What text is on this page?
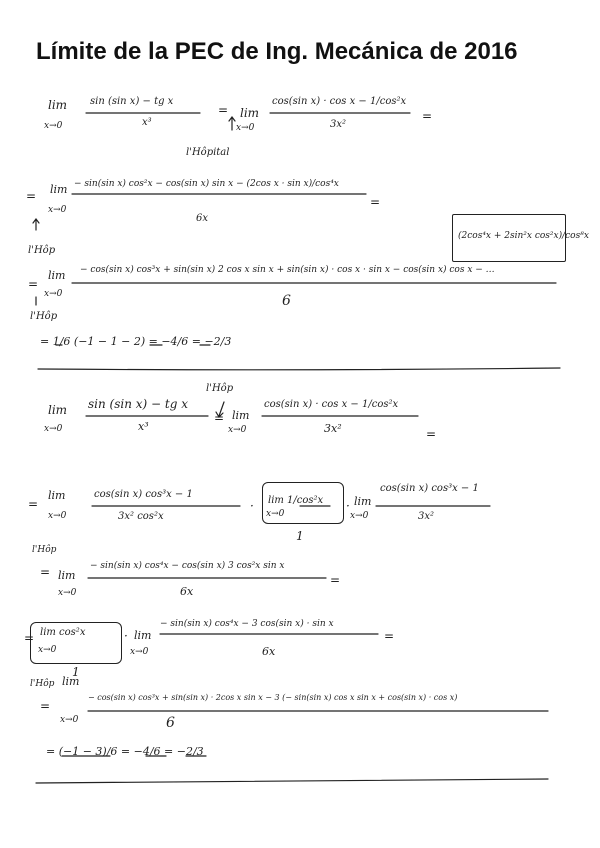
Límite de la PEC de Ing. Mecánica de 2016
lim
x→0
sin (sin x) − tg x
x³
= lim
x→0
cos(sin x) · cos x − 1/cos²x
3x²
=
l'Hôpital
= lim
x→0
− sin(sin x) cos²x − cos(sin x) sin x − (2cos x · sin x)/cos⁴x
6x
=
l'Hôp
(2cos⁴x + 2sin²x cos²x)/cos⁸x
=
lim
x→0
− cos(sin x) cos³x + sin(sin x) 2 cos x sin x + sin(sin x) · cos x · sin x − cos(sin x) cos x − …
6
l'Hôp
= 1/6 (−1 − 1 − 2) = −4/6 = −2/3
l'Hôp
lim
x→0
sin (sin x) − tg x
x³
= lim
x→0
cos(sin x) · cos x − 1/cos²x
3x²	=
=
lim
x→0
cos(sin x) cos³x − 1
3x² cos²x
· lim 1/cos²x
x→0
1
· lim
x→0
cos(sin x) cos³x − 1
3x²
l'Hôp
= lim
x→0
− sin(sin x) cos⁴x − cos(sin x) 3 cos²x sin x
6x
=
= lim cos²x
x→0
1
· lim
x→0
− sin(sin x) cos⁴x − 3 cos(sin x) · sin x
6x
=
l'Hôp
=
lim
x→0
− cos(sin x) cos³x + sin(sin x) · 2cos x sin x − 3 (− sin(sin x) cos x sin x + cos(sin x) · cos x)
6
= (−1 − 3)/6 = −4/6 = −2/3
